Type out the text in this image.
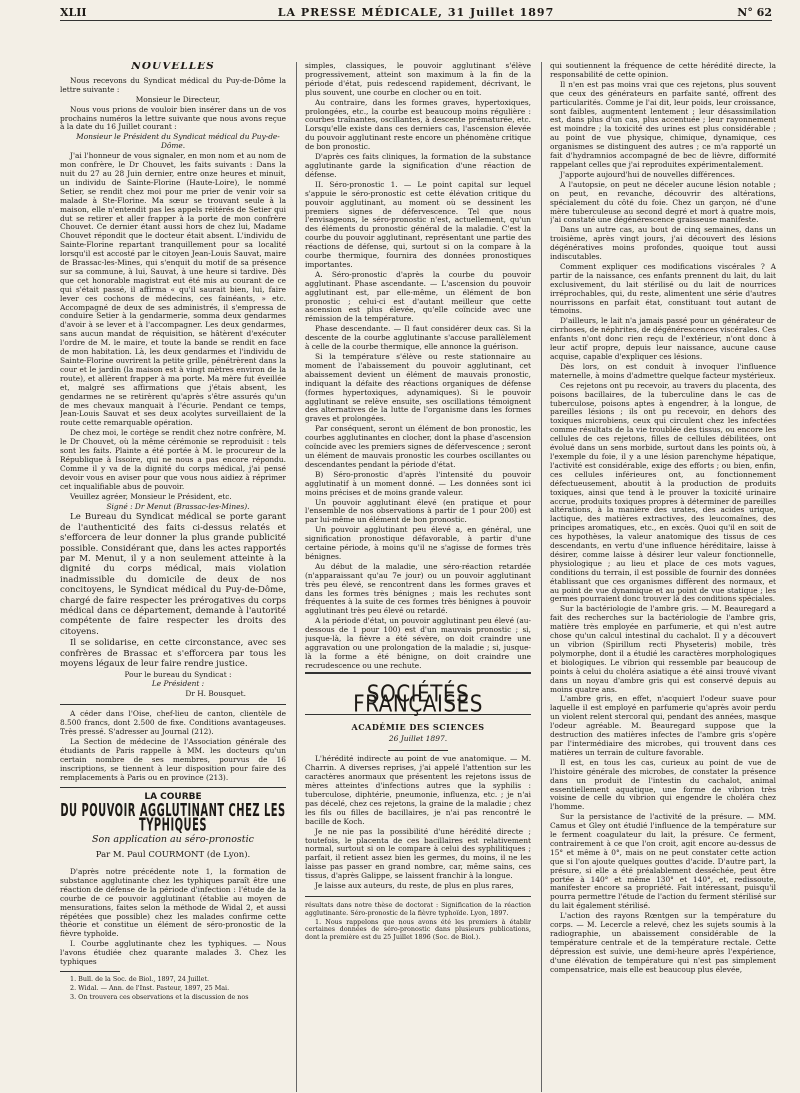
XLII	LA PRESSE MÉDICALE, 31 Juillet 1897	N° 62
NOUVELLES

Nous recevons du Syndicat médical du Puy-de-Dôme la lettre suivante :

Monsieur le Directeur,

Nous vous prions de vouloir bien insérer dans un de vos prochains numéros la lettre suivante que nous avons reçue à la date du 16 Juillet courant :

Monsieur le Président du Syndicat médical du Puy-de-Dôme.

J'ai l'honneur de vous signaler, en mon nom et au nom de mon confrère, le Dr Chouvet, les faits suivants : Dans la nuit du 27 au 28 Juin dernier, entre onze heures et minuit, un individu de Sainte-Florine (Haute-Loire), le nommé Setier, se rendit chez moi pour me prier de venir voir sa malade à Ste-Florine. Ma sœur se trouvant seule à la maison, elle n'entendit pas les appels réitérés de Setier qui dut se retirer et aller frapper à la porte de mon confrère Chouvet. Ce dernier étant aussi hors de chez lui, Madame Chouvet répondit que le docteur était absent. L'individu de Sainte-Florine repartant tranquillement pour sa localité lorsqu'il est accosté par le citoyen Jean-Louis Sauvat, maire de Brassac-les-Mines, qui s'enquit du motif de sa présence sur sa commune, à lui, Sauvat, à une heure si tardive. Dès que cet honorable magistrat eut été mis au courant de ce qui s'était passé, il affirma « qu'il saurait bien, lui, faire lever ces cochons de médecins, ces fainéants, » etc. Accompagné de deux de ses administrés, il s'empressa de conduire Setier à la gendarmerie, somma deux gendarmes d'avoir à se lever et à l'accompagner. Les deux gendarmes, sans aucun mandat de réquisition, se hâtèrent d'exécuter l'ordre de M. le maire, et toute la bande se rendit en face de mon habitation. Là, les deux gendarmes et l'individu de Sainte-Florine ouvrirent la petite grille, pénétrèrent dans la cour et le jardin (la maison est à vingt mètres environ de la route), et allèrent frapper à ma porte. Ma mère fut éveillée et, malgré ses affirmations que j'étais absent, les gendarmes ne se retirèrent qu'après s'être assurés qu'un de mes chevaux manquait à l'écurie. Pendant ce temps, Jean-Louis Sauvat et ses deux acolytes surveillaient de la route cette remarquable opération.

De chez moi, le cortège se rendit chez notre confrère, M. le Dr Chouvet, où la même cérémonie se reproduisit : tels sont les faits. Plainte a été portée à M. le procureur de la République à Issoire, qui ne nous a pas encore répondu. Comme il y va de la dignité du corps médical, j'ai pensé devoir vous en aviser pour que vous nous aidiez à réprimer cet inqualifiable abus de pouvoir.

Veuillez agréer, Monsieur le Président, etc.

Signé : Dr Menut (Brassac-les-Mines).

Le Bureau du Syndicat médical se porte garant de l'authenticité des faits ci-dessus relatés et s'efforcera de leur donner la plus grande publicité possible. Considérant que, dans les actes rapportés par M. Menut, il y a non seulement atteinte à la dignité du corps médical, mais violation inadmissible du domicile de deux de nos concitoyens, le Syndicat médical du Puy-de-Dôme, chargé de faire respecter les prérogatives du corps médical dans ce département, demande à l'autorité compétente de faire respecter les droits des citoyens.

Il se solidarise, en cette circonstance, avec ses confrères de Brassac et s'efforcera par tous les moyens légaux de leur faire rendre justice.

Pour le bureau du Syndicat :

Le Président :

Dr H. Bousquet.

A céder dans l'Oise, chef-lieu de canton, clientèle de 8.500 francs, dont 2.500 de fixe. Conditions avantageuses. Très pressé. S'adresser au Journal (212).

La Section de médecine de l'Association générale des étudiants de Paris rappelle à MM. les docteurs qu'un certain nombre de ses membres, pourvus de 16 inscriptions, se tiennent à leur disposition pour faire des remplacements à Paris ou en province (213).

LA COURBE
DU POUVOIR AGGLUTINANT CHEZ LES TYPHIQUES
Son application au séro-pronostic
Par M. Paul COURMONT (de Lyon).

D'après notre précédente note 1, la formation de substance agglutinante chez les typhiques paraît être une réaction de défense de la période d'infection : l'étude de la courbe de ce pouvoir agglutinant (établie au moyen de mensurations, faites selon la méthode de Widal 2, et aussi répétées que possible) chez les malades confirme cette théorie et constitue un élément de séro-pronostic de la fièvre typhoïde.

I. Courbe agglutinante chez les typhiques. — Nous l'avons étudiée chez quarante malades 3. Chez les typhiques

1. Bull. de la Soc. de Biol., 1897, 24 Juillet.

2. Widal. — Ann. de l'Inst. Pasteur, 1897, 25 Mai.

3. On trouvera ces observations et la discussion de nos

simples, classiques, le pouvoir agglutinant s'élève progressivement, atteint son maximum à la fin de la période d'état, puis redescend rapidement, décrivant, le plus souvent, une courbe en clocher ou en toit.

Au contraire, dans les formes graves, hypertoxiques, prolongées, etc., la courbe est beaucoup moins régulière : courbes traînantes, oscillantes, à descente prématurée, etc. Lorsqu'elle existe dans ces derniers cas, l'ascension élevée du pouvoir agglutinant reste encore un phénomène critique de bon pronostic.

D'après ces faits cliniques, la formation de la substance agglutinante garde la signification d'une réaction de défense.

II. Séro-pronostic 1. — Le point capital sur lequel s'appuie le séro-pronostic est cette élévation critique du pouvoir agglutinant, au moment où se dessinent les premiers signes de défervescence. Tel que nous l'envisageons, le séro-pronostic n'est, actuellement, qu'un des éléments du pronostic général de la maladie. C'est la courbe du pouvoir agglutinant, représentant une partie des réactions de défense, qui, surtout si on la compare à la courbe thermique, fournira des données pronostiques importantes.

A. Séro-pronostic d'après la courbe du pouvoir agglutinant. Phase ascendante. — L'ascension du pouvoir agglutinant est, par elle-même, un élément de bon pronostic ; celui-ci est d'autant meilleur que cette ascension est plus élevée, qu'elle coïncide avec une rémission de la température.

Phase descendante. — Il faut considérer deux cas. Si la descente de la courbe agglutinante s'accuse parallèlement à celle de la courbe thermique, elle annonce la guérison.

Si la température s'élève ou reste stationnaire au moment de l'abaissement du pouvoir agglutinant, cet abaissement devient un élément de mauvais pronostic, indiquant la défaite des réactions organiques de défense (formes hypertoxiques, adynamiques). Si le pouvoir agglutinant se relève ensuite, ses oscillations témoignent des alternatives de la lutte de l'organisme dans les formes graves et prolongées.

Par conséquent, seront un élément de bon pronostic, les courbes agglutinantes en clocher, dont la phase d'ascension coïncide avec les premiers signes de défervescence ; seront un élément de mauvais pronostic les courbes oscillantes ou descendantes pendant la période d'état.

B) Séro-pronostic d'après l'intensité du pouvoir agglutinatif à un moment donné. — Les données sont ici moins précises et de moins grande valeur.

Un pouvoir agglutinant élevé (en pratique et pour l'ensemble de nos observations à partir de 1 pour 200) est par lui-même un élément de bon pronostic.

Un pouvoir agglutinant peu élevé a, en général, une signification pronostique défavorable, à partir d'une certaine période, à moins qu'il ne s'agisse de formes très bénignes.

Au début de la maladie, une séro-réaction retardée (n'apparaissant qu'au 7e jour) ou un pouvoir agglutinant très peu élevé, se rencontrent dans les formes graves et dans les formes très bénignes ; mais les rechutes sont fréquentes à la suite de ces formes très bénignes à pouvoir agglutinant très peu élevé ou retardé.

A la période d'état, un pouvoir agglutinant peu élevé (au-dessous de 1 pour 100) est d'un mauvais pronostic ; si, jusque-là, la fièvre a été sévère, on doit craindre une aggravation ou une prolongation de la maladie ; si, jusque-là la forme a été bénigne, on doit craindre une recrudescence ou une rechute.

SOCIÉTÉS FRANÇAISES
ACADÉMIE DES SCIENCES
26 Juillet 1897.

L'hérédité indirecte au point de vue anatomique. — M. Charrin. A diverses reprises, j'ai appelé l'attention sur les caractères anormaux que présentent les rejetons issus de mères atteintes d'infections autres que la syphilis : tuberculose, diphtérie, pneumonie, influenza, etc. ; je n'ai pas décelé, chez ces rejetons, la graine de la maladie ; chez les fils ou filles de bacillaires, je n'ai pas rencontré le bacille de Koch.

Je ne nie pas la possibilité d'une hérédité directe ; toutefois, le placenta de ces bacillaires est relativement normal, surtout si on le compare à celui des syphilitiques ; parfait, il retient assez bien les germes, du moins, il ne les laisse pas passer en grand nombre, car, même sains, ces tissus, d'après Galippe, se laissent franchir à la longue.

Je laisse aux auteurs, du reste, de plus en plus rares,

résultats dans notre thèse de doctorat : Signification de la réaction agglutinante. Séro-pronostic de la fièvre typhoïde. Lyon, 1897.

1. Nous rappelons que nous avons été les premiers à établir certaines données de séro-pronostic dans plusieurs publications, dont la première est du 25 Juillet 1896 (Soc. de Biol.).

qui soutiennent la fréquence de cette hérédité directe, la responsabilité de cette opinion.

Il n'en est pas moins vrai que ces rejetons, plus souvent que ceux des générateurs en parfaite santé, offrent des particularités. Comme je l'ai dit, leur poids, leur croissance, sont faibles, augmentent lentement ; leur désassimilation est, dans plus d'un cas, plus accentuée ; leur rayonnement est moindre ; la toxicité des urines est plus considérable ; au point de vue physique, chimique, dynamique, ces organismes se distinguent des autres ; ce m'a rapporté un fait d'hydramnios accompagné de bec de lièvre, difformité rappelant celles que j'ai reproduites expérimentalement.

J'apporte aujourd'hui de nouvelles différences.

A l'autopsie, on peut ne déceler aucune lésion notable ; on peut, en revanche, découvrir des altérations, spécialement du côté du foie. Chez un garçon, né d'une mère tuberculeuse au second degré et mort à quatre mois, j'ai constaté une dégénérescence graisseuse manifeste.

Dans un autre cas, au bout de cinq semaines, dans un troisième, après vingt jours, j'ai découvert des lésions dégénératives moins profondes, quoique tout aussi indiscutables.

Comment expliquer ces modifications viscérales ? A partir de la naissance, ces enfants prennent du lait, du lait exclusivement, du lait stérilisé ou du lait de nourrices irréprochables, qui, du reste, alimentent une série d'autres nourrissons en parfait état, constituant tout autant de témoins.

D'ailleurs, le lait n'a jamais passé pour un générateur de cirrhoses, de néphrites, de dégénérescences viscérales. Ces enfants n'ont donc rien reçu de l'extérieur, n'ont donc à leur actif propre, depuis leur naissance, aucune cause acquise, capable d'expliquer ces lésions.

Dès lors, on est conduit à invoquer l'influence maternelle, à moins d'admettre quelque facteur mystérieux.

Ces rejetons ont pu recevoir, au travers du placenta, des poisons bacillaires, de la tuberculine dans le cas de tuberculose, poisons aptes à engendrer, à la longue, de pareilles lésions ; ils ont pu recevoir, en dehors des toxiques microbiens, ceux qui circulent chez les infectées comme résultats de la vie troublée des tissus, ou encore les cellules de ces rejetons, filles de cellules débilitées, ont évolué dans un sens morbide, surtout dans les points où, à l'exemple du foie, il y a une lésion parenchyme hépatique, l'activité est considérable, exige des efforts ; ou bien, enfin, ces cellules inférieures ont, au fonctionnement défectueusement, aboutit à la production de produits toxiques, ainsi que tend à le prouver la toxicité urinaire accrue, produits toxiques propres à déterminer de pareilles altérations, à la manière des urates, des acides urique, lactique, des matières extractives, des leucomaïnes, des principes aromatiques, etc., en excès. Quoi qu'il en soit de ces hypothèses, la valeur anatomique des tissus de ces descendants, en vertu d'une influence héréditaire, laisse à désirer, comme laisse à désirer leur valeur fonctionnelle, physiologique ; au lieu et place de ces mots vagues, conditions du terrain, il est possible de fournir des données établissant que ces organismes diffèrent des normaux, et au point de vue dynamique et au point de vue statique ; les germes pourraient donc trouver là des conditions spéciales.

Sur la bactériologie de l'ambre gris. — M. Beauregard a fait des recherches sur la bactériologie de l'ambre gris, matière très employée en parfumerie, et qui n'est autre chose qu'un calcul intestinal du cachalot. Il y a découvert un vibrion (Spirillum recti Physeteris) mobile, très polymorphe, dont il a étudié les caractères morphologiques et biologiques. Le vibrion qui ressemble par beaucoup de points à celui du choléra asiatique a été ainsi trouvé vivant dans un noyau d'ambre gris qui est conservé depuis au moins quatre ans.

L'ambre gris, en effet, n'acquiert l'odeur suave pour laquelle il est employé en parfumerie qu'après avoir perdu un violent relent stercoral qui, pendant des années, masque l'odeur agréable. M. Beauregard suppose que la destruction des matières infectes de l'ambre gris s'opère par l'intermédiaire des microbes, qui trouvent dans ces matières un terrain de culture favorable.

Il est, en tous les cas, curieux au point de vue de l'histoire générale des microbes, de constater la présence dans un produit de l'intestin du cachalot, animal essentiellement aquatique, une forme de vibrion très voisine de celle du vibrion qui engendre le choléra chez l'homme.

Sur la persistance de l'activité de la présure. — MM. Camus et Gley ont étudié l'influence de la température sur le ferment coagulateur du lait, la présure. Ce ferment, contrairement à ce que l'on croit, agit encore au-dessus de 15° et même à 0°, mais on ne peut constater cette action que si l'on ajoute quelques gouttes d'acide. D'autre part, la présure, si elle a été préalablement desséchée, peut être portée à 140° et même 130° et 140°, et, redissoute, manifester encore sa propriété. Fait intéressant, puisqu'il pourra permettre l'étude de l'action du ferment stérilisé sur du lait également stérilisé.

L'action des rayons Rœntgen sur la température du corps. — M. Lecercle a relevé, chez les sujets soumis à la radiographie, un abaissement considérable de la température centrale et de la température rectale. Cette dépression est suivie, une demi-heure après l'expérience, d'une élévation de température qui n'est pas simplement compensatrice, mais elle est beaucoup plus élevée,
